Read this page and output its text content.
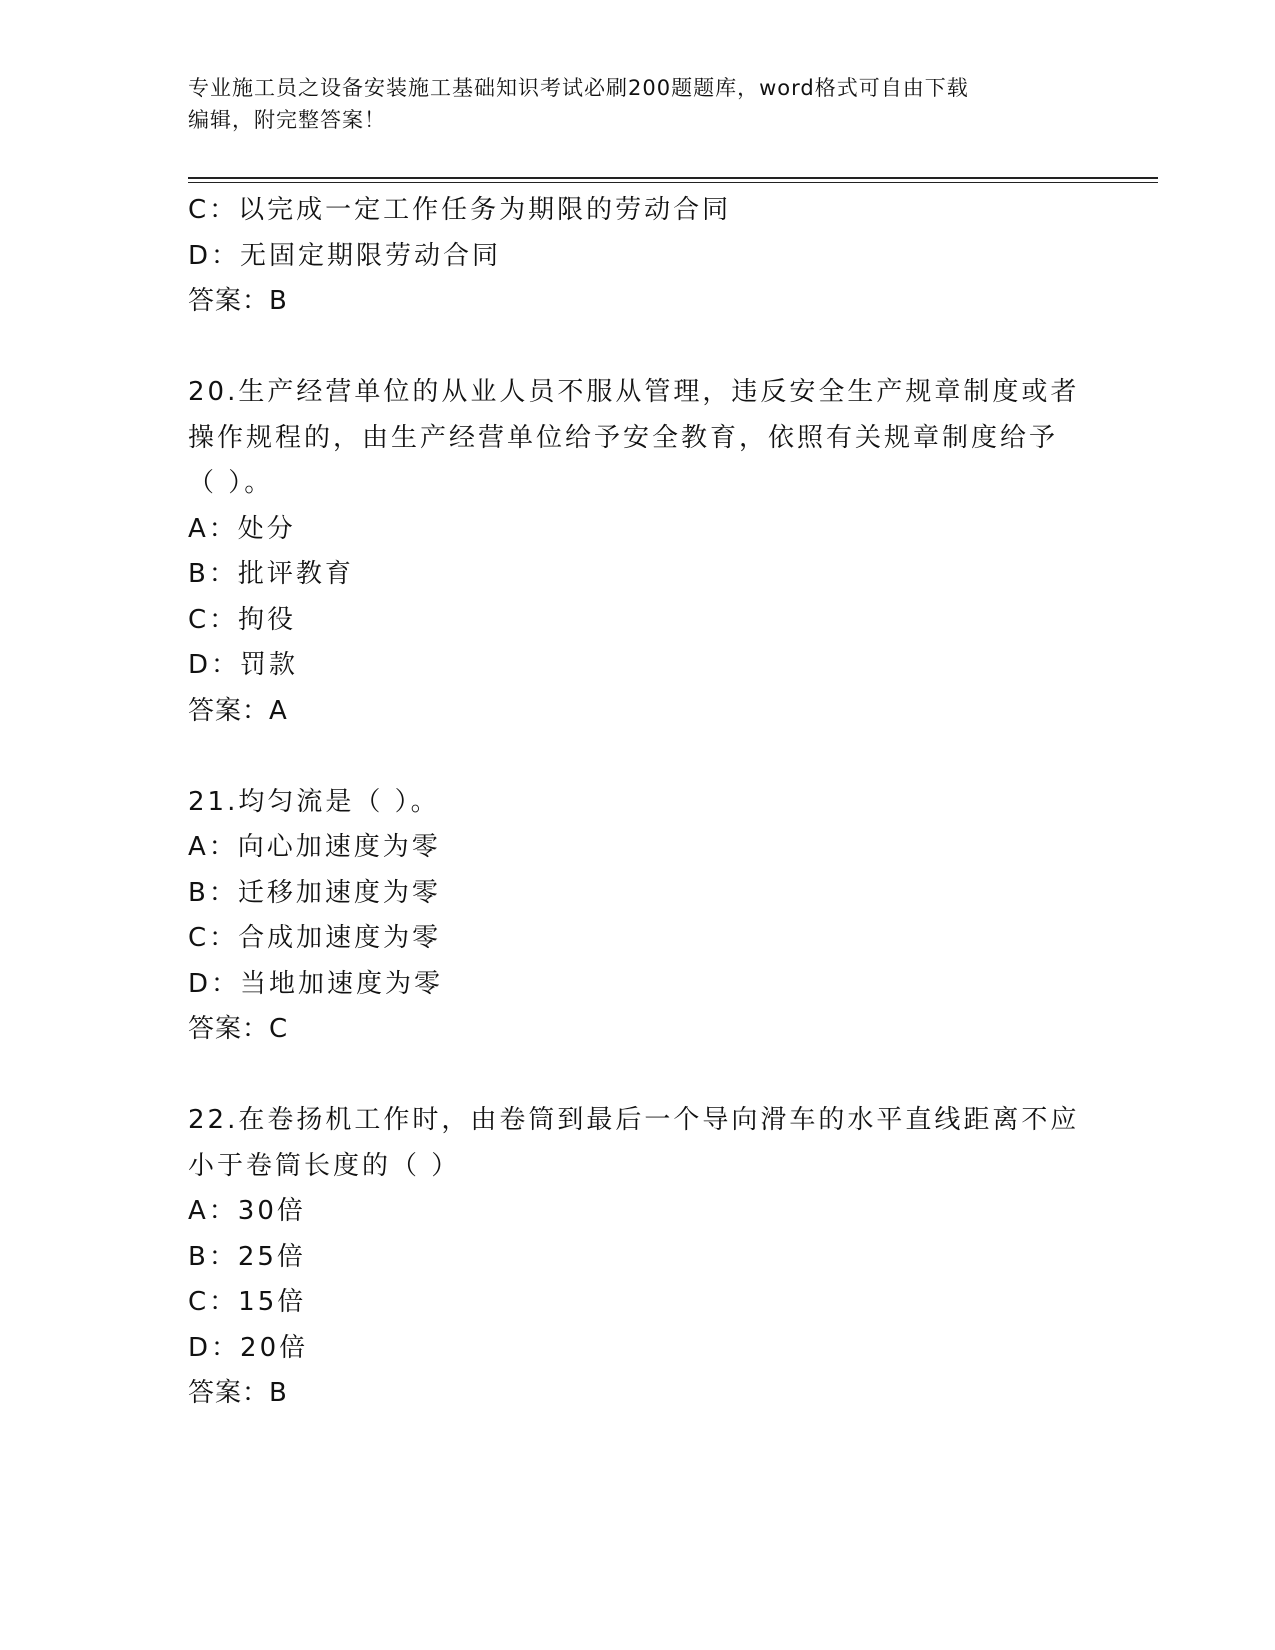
专业施工员之设备安装施工基础知识考试必刷200题题库，word格式可自由下载
编辑，附完整答案！
C：以完成一定工作任务为期限的劳动合同
D：无固定期限劳动合同
答案：B
20.生产经营单位的从业人员不服从管理，违反安全生产规章制度或者
操作规程的，由生产经营单位给予安全教育，依照有关规章制度给予
（ ）。
A：处分
B：批评教育
C：拘役
D：罚款
答案：A
21.均匀流是（ ）。
A：向心加速度为零
B：迁移加速度为零
C：合成加速度为零
D：当地加速度为零
答案：C
22.在卷扬机工作时，由卷筒到最后一个导向滑车的水平直线距离不应
小于卷筒长度的（ ）
A：30倍
B：25倍
C：15倍
D：20倍
答案：B
